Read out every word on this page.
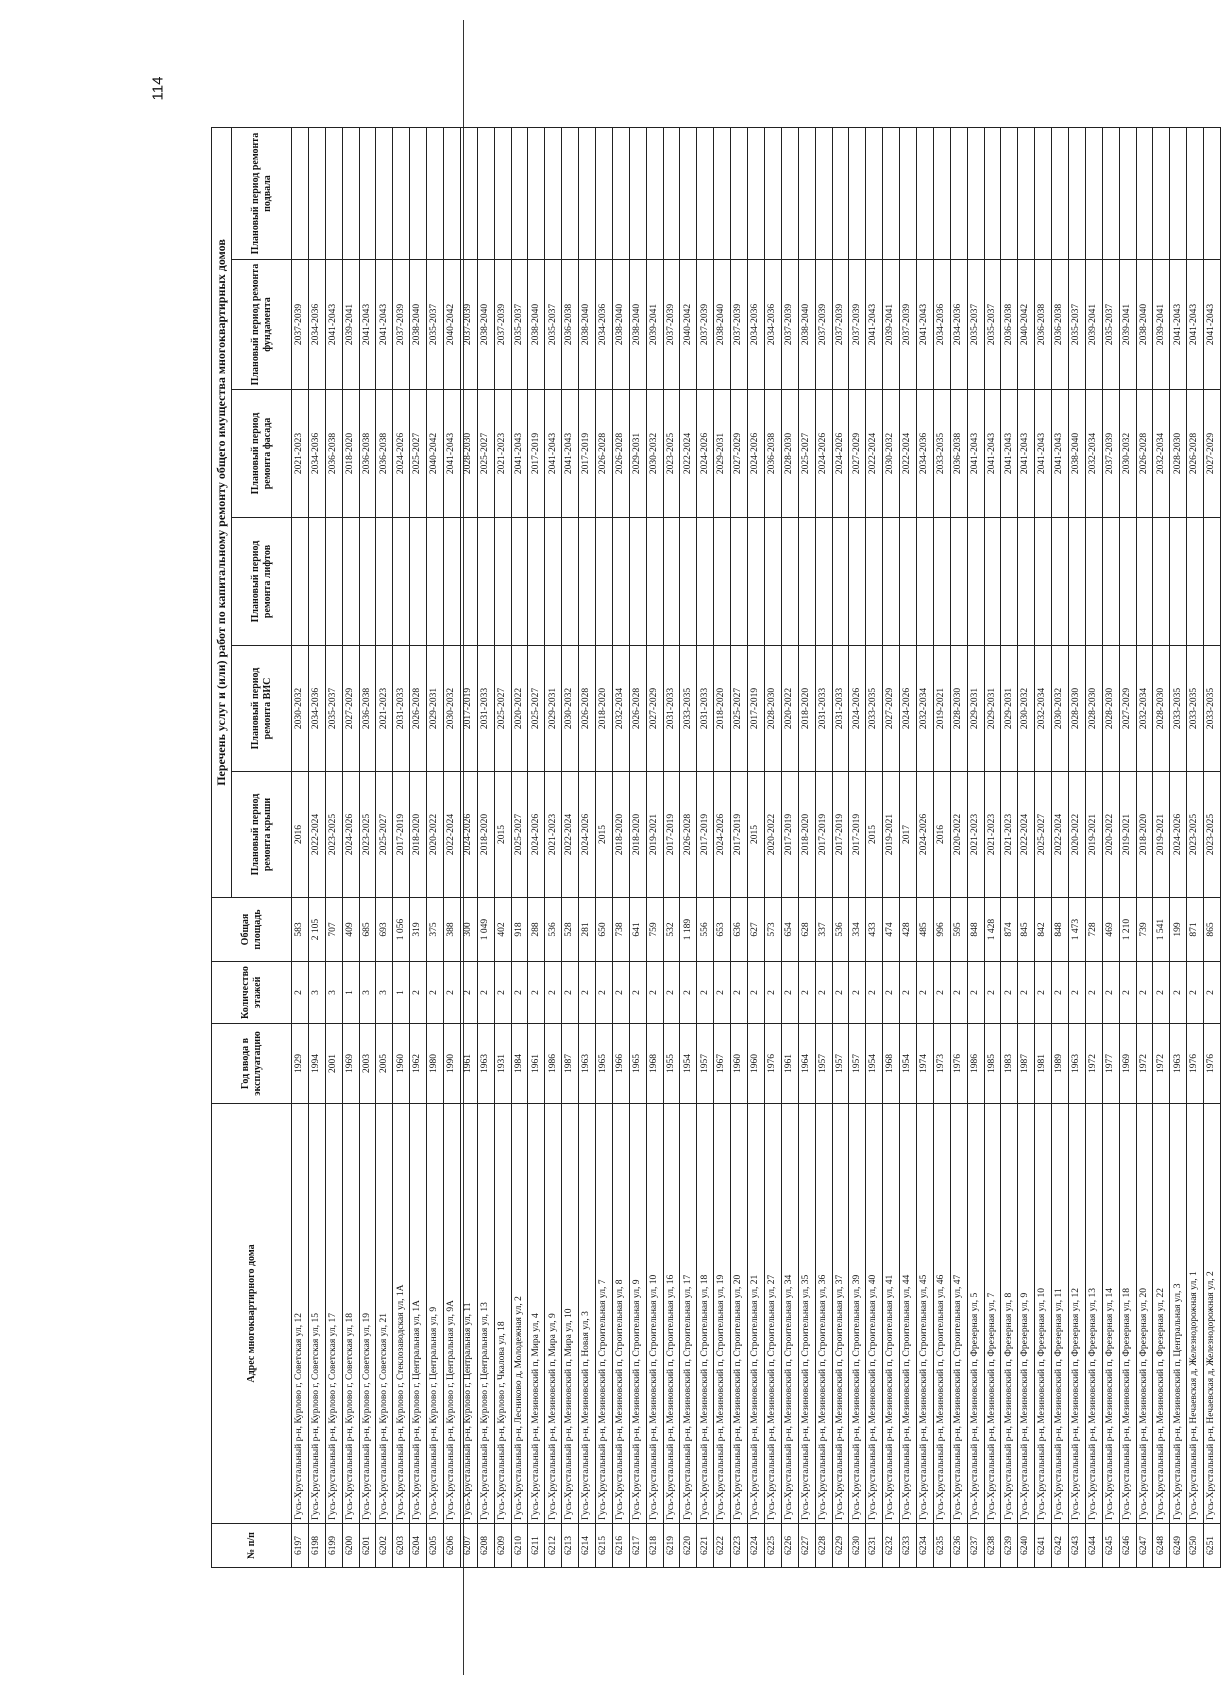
114
№ п/п	Адрес многоквартирного дома	Год ввода в эксплуатацию	Количество этажей	Общая площадь	Перечень услуг и (или) работ по капитальному ремонту общего имущества многоквартирных домов					
					Плановый период ремонта крыши	Плановый период ремонта ВИС	Плановый период ремонта лифтов	Плановый период ремонта фасада	Плановый период ремонта фундамента	Плановый период ремонта подвала
6197	Гусь-Хрустальный р-н, Курлово г, Советская ул, 12	1929	2	583	2016	2030-2032		2021-2023	2037-2039	
6198	Гусь-Хрустальный р-н, Курлово г, Советская ул, 15	1994	3	2 105	2022-2024	2034-2036		2034-2036	2034-2036	
6199	Гусь-Хрустальный р-н, Курлово г, Советская ул, 17	2001	3	707	2023-2025	2035-2037		2036-2038	2041-2043	
6200	Гусь-Хрустальный р-н, Курлово г, Советская ул, 18	1969	1	409	2024-2026	2027-2029		2018-2020	2039-2041	
6201	Гусь-Хрустальный р-н, Курлово г, Советская ул, 19	2003	3	685	2023-2025	2036-2038		2036-2038	2041-2043	
6202	Гусь-Хрустальный р-н, Курлово г, Советская ул, 21	2005	3	693	2025-2027	2021-2023		2036-2038	2041-2043	
6203	Гусь-Хрустальный р-н, Курлово г, Стеклозаводская ул, 1А	1960	1	1 056	2017-2019	2031-2033		2024-2026	2037-2039	
6204	Гусь-Хрустальный р-н, Курлово г, Центральная ул, 1А	1962	2	319	2018-2020	2026-2028		2025-2027	2038-2040	
6205	Гусь-Хрустальный р-н, Курлово г, Центральная ул, 9	1980	2	375	2020-2022	2029-2031		2040-2042	2035-2037	
6206	Гусь-Хрустальный р-н, Курлово г, Центральная ул, 9А	1990	2	388	2022-2024	2030-2032		2041-2043	2040-2042	
6207	Гусь-Хрустальный р-н, Курлово г, Центральная ул, 11	1961	2	300	2024-2026	2017-2019		2028-2030	2037-2039	
6208	Гусь-Хрустальный р-н, Курлово г, Центральная ул, 13	1963	2	1 049	2018-2020	2031-2033		2025-2027	2038-2040	
6209	Гусь-Хрустальный р-н, Курлово г, Чкалова ул, 18	1931	2	402	2015	2025-2027		2021-2023	2037-2039	
6210	Гусь-Хрустальный р-н, Лесниково д, Молодежная ул, 2	1984	2	918	2025-2027	2020-2022		2041-2043	2035-2037	
6211	Гусь-Хрустальный р-н, Мезиновский п, Мира ул, 4	1961	2	288	2024-2026	2025-2027		2017-2019	2038-2040	
6212	Гусь-Хрустальный р-н, Мезиновский п, Мира ул, 9	1986	2	536	2021-2023	2029-2031		2041-2043	2035-2037	
6213	Гусь-Хрустальный р-н, Мезиновский п, Мира ул, 10	1987	2	528	2022-2024	2030-2032		2041-2043	2036-2038	
6214	Гусь-Хрустальный р-н, Мезиновский п, Новая ул, 3	1963	2	281	2024-2026	2026-2028		2017-2019	2038-2040	
6215	Гусь-Хрустальный р-н, Мезиновский п, Строительная ул, 7	1965	2	650	2015	2018-2020		2026-2028	2034-2036	
6216	Гусь-Хрустальный р-н, Мезиновский п, Строительная ул, 8	1966	2	738	2018-2020	2032-2034		2026-2028	2038-2040	
6217	Гусь-Хрустальный р-н, Мезиновский п, Строительная ул, 9	1965	2	641	2018-2020	2026-2028		2029-2031	2038-2040	
6218	Гусь-Хрустальный р-н, Мезиновский п, Строительная ул, 10	1968	2	759	2019-2021	2027-2029		2030-2032	2039-2041	
6219	Гусь-Хрустальный р-н, Мезиновский п, Строительная ул, 16	1955	2	532	2017-2019	2031-2033		2023-2025	2037-2039	
6220	Гусь-Хрустальный р-н, Мезиновский п, Строительная ул, 17	1954	2	1 189	2026-2028	2033-2035		2022-2024	2040-2042	
6221	Гусь-Хрустальный р-н, Мезиновский п, Строительная ул, 18	1957	2	556	2017-2019	2031-2033		2024-2026	2037-2039	
6222	Гусь-Хрустальный р-н, Мезиновский п, Строительная ул, 19	1967	2	653	2024-2026	2018-2020		2029-2031	2038-2040	
6223	Гусь-Хрустальный р-н, Мезиновский п, Строительная ул, 20	1960	2	636	2017-2019	2025-2027		2027-2029	2037-2039	
6224	Гусь-Хрустальный р-н, Мезиновский п, Строительная ул, 21	1960	2	627	2015	2017-2019		2024-2026	2034-2036	
6225	Гусь-Хрустальный р-н, Мезиновский п, Строительная ул, 27	1976	2	573	2020-2022	2028-2030		2036-2038	2034-2036	
6226	Гусь-Хрустальный р-н, Мезиновский п, Строительная ул, 34	1961	2	654	2017-2019	2020-2022		2028-2030	2037-2039	
6227	Гусь-Хрустальный р-н, Мезиновский п, Строительная ул, 35	1964	2	628	2018-2020	2018-2020		2025-2027	2038-2040	
6228	Гусь-Хрустальный р-н, Мезиновский п, Строительная ул, 36	1957	2	337	2017-2019	2031-2033		2024-2026	2037-2039	
6229	Гусь-Хрустальный р-н, Мезиновский п, Строительная ул, 37	1957	2	536	2017-2019	2031-2033		2024-2026	2037-2039	
6230	Гусь-Хрустальный р-н, Мезиновский п, Строительная ул, 39	1957	2	334	2017-2019	2024-2026		2027-2029	2037-2039	
6231	Гусь-Хрустальный р-н, Мезиновский п, Строительная ул, 40	1954	2	433	2015	2033-2035		2022-2024	2041-2043	
6232	Гусь-Хрустальный р-н, Мезиновский п, Строительная ул, 41	1968	2	474	2019-2021	2027-2029		2030-2032	2039-2041	
6233	Гусь-Хрустальный р-н, Мезиновский п, Строительная ул, 44	1954	2	428	2017	2024-2026		2022-2024	2037-2039	
6234	Гусь-Хрустальный р-н, Мезиновский п, Строительная ул, 45	1974	2	485	2024-2026	2032-2034		2034-2036	2041-2043	
6235	Гусь-Хрустальный р-н, Мезиновский п, Строительная ул, 46	1973	2	996	2016	2019-2021		2033-2035	2034-2036	
6236	Гусь-Хрустальный р-н, Мезиновский п, Строительная ул, 47	1976	2	595	2020-2022	2028-2030		2036-2038	2034-2036	
6237	Гусь-Хрустальный р-н, Мезиновский п, Фрезерная ул, 5	1986	2	848	2021-2023	2029-2031		2041-2043	2035-2037	
6238	Гусь-Хрустальный р-н, Мезиновский п, Фрезерная ул, 7	1985	2	1 428	2021-2023	2029-2031		2041-2043	2035-2037	
6239	Гусь-Хрустальный р-н, Мезиновский п, Фрезерная ул, 8	1983	2	874	2021-2023	2029-2031		2041-2043	2036-2038	
6240	Гусь-Хрустальный р-н, Мезиновский п, Фрезерная ул, 9	1987	2	845	2022-2024	2030-2032		2041-2043	2040-2042	
6241	Гусь-Хрустальный р-н, Мезиновский п, Фрезерная ул, 10	1981	2	842	2025-2027	2032-2034		2041-2043	2036-2038	
6242	Гусь-Хрустальный р-н, Мезиновский п, Фрезерная ул, 11	1989	2	848	2022-2024	2030-2032		2041-2043	2036-2038	
6243	Гусь-Хрустальный р-н, Мезиновский п, Фрезерная ул, 12	1963	2	1 473	2020-2022	2028-2030		2038-2040	2035-2037	
6244	Гусь-Хрустальный р-н, Мезиновский п, Фрезерная ул, 13	1972	2	728	2019-2021	2028-2030		2032-2034	2039-2041	
6245	Гусь-Хрустальный р-н, Мезиновский п, Фрезерная ул, 14	1977	2	469	2020-2022	2028-2030		2037-2039	2035-2037	
6246	Гусь-Хрустальный р-н, Мезиновский п, Фрезерная ул, 18	1969	2	1 210	2019-2021	2027-2029		2030-2032	2039-2041	
6247	Гусь-Хрустальный р-н, Мезиновский п, Фрезерная ул, 20	1972	2	739	2018-2020	2032-2034		2026-2028	2038-2040	
6248	Гусь-Хрустальный р-н, Мезиновский п, Фрезерная ул, 22	1972	2	1 541	2019-2021	2028-2030		2032-2034	2039-2041	
6249	Гусь-Хрустальный р-н, Мезиновский п, Центральная ул, 3	1963	2	199	2024-2026	2033-2035		2028-2030	2041-2043	
6250	Гусь-Хрустальный р-н, Нечаевская д, Железнодорожная ул, 1	1976	2	871	2023-2025	2033-2035		2026-2028	2041-2043	
6251	Гусь-Хрустальный р-н, Нечаевская д, Железнодорожная ул, 2	1976	2	865	2023-2025	2033-2035		2027-2029	2041-2043	
